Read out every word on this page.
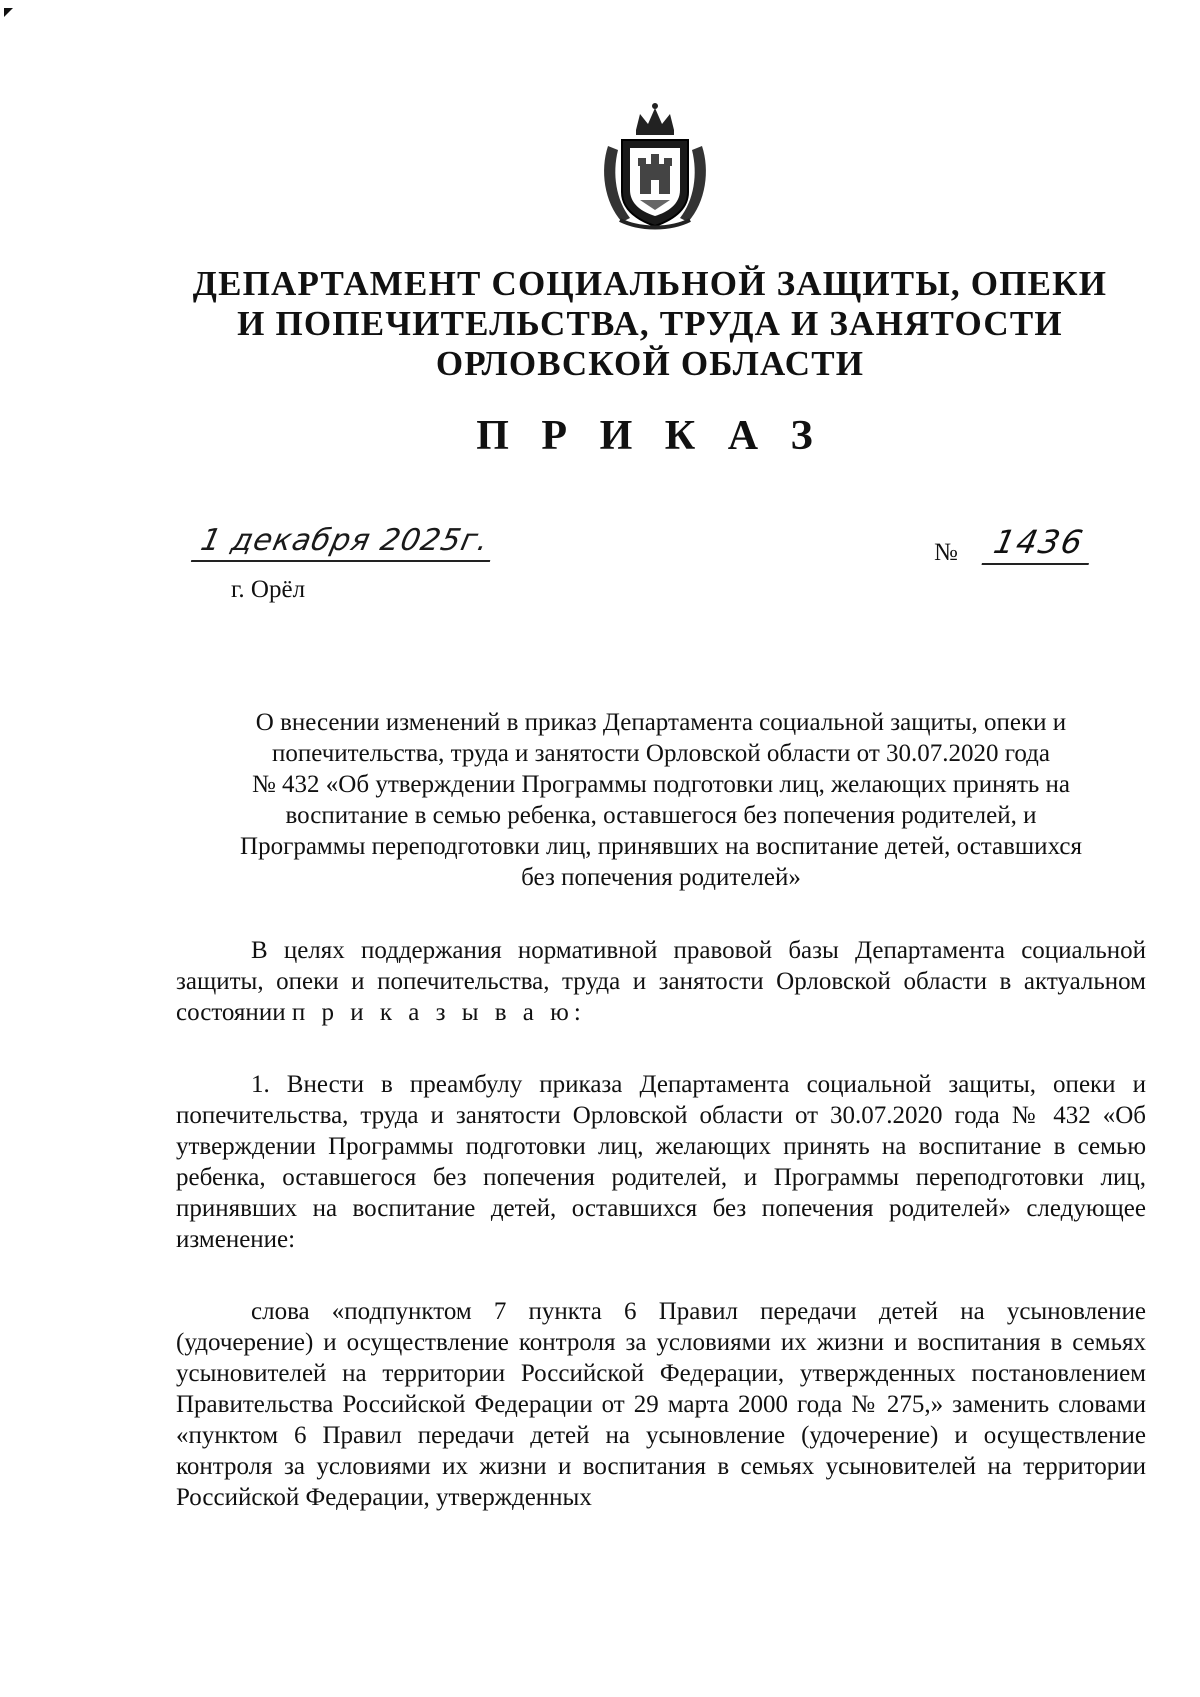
ДЕПАРТАМЕНТ СОЦИАЛЬНОЙ ЗАЩИТЫ, ОПЕКИ
И ПОПЕЧИТЕЛЬСТВА, ТРУДА И ЗАНЯТОСТИ
ОРЛОВСКОЙ ОБЛАСТИ
П Р И К А З
1 декабря 2025г.
г. Орёл
№ 1436
О внесении изменений в приказ Департамента социальной защиты, опеки и
попечительства, труда и занятости Орловской области от 30.07.2020 года
№ 432 «Об утверждении Программы подготовки лиц, желающих принять на
воспитание в семью ребенка, оставшегося без попечения родителей, и
Программы переподготовки лиц, принявших на воспитание детей, оставшихся
без попечения родителей»
В целях поддержания нормативной правовой базы Департамента социальной защиты, опеки и попечительства, труда и занятости Орловской области в актуальном состоянии п р и к а з ы в а ю:
1. Внести в преамбулу приказа Департамента социальной защиты, опеки и попечительства, труда и занятости Орловской области от 30.07.2020 года № 432 «Об утверждении Программы подготовки лиц, желающих принять на воспитание в семью ребенка, оставшегося без попечения родителей, и Программы переподготовки лиц, принявших на воспитание детей, оставшихся без попечения родителей» следующее изменение:
слова «подпунктом 7 пункта 6 Правил передачи детей на усыновление (удочерение) и осуществление контроля за условиями их жизни и воспитания в семьях усыновителей на территории Российской Федерации, утвержденных постановлением Правительства Российской Федерации от 29 марта 2000 года № 275,» заменить словами «пунктом 6 Правил передачи детей на усыновление (удочерение) и осуществление контроля за условиями их жизни и воспитания в семьях усыновителей на территории Российской Федерации, утвержденных
